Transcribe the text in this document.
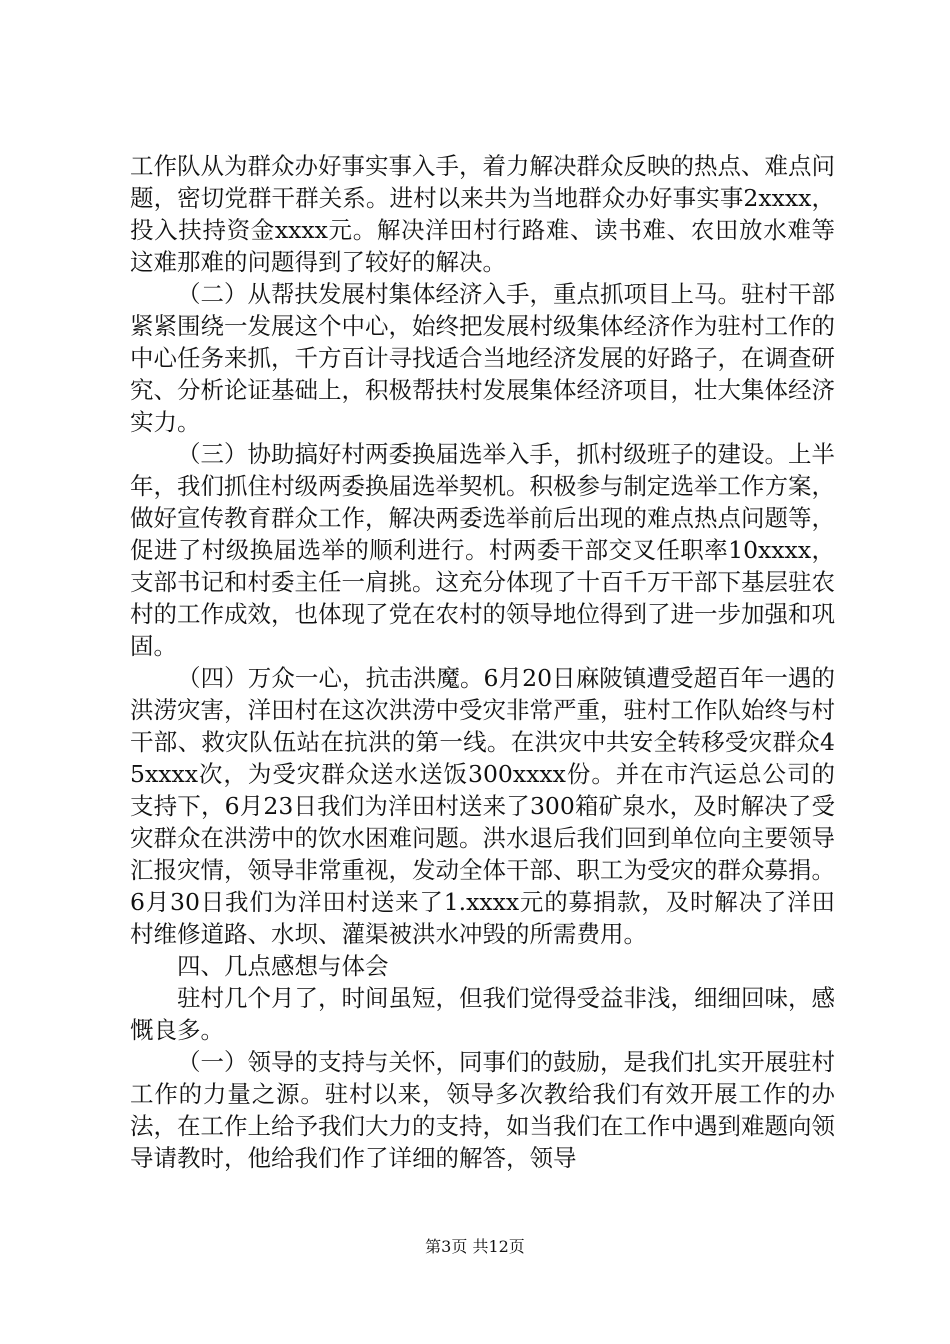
工作队从为群众办好事实事入手，着力解决群众反映的热点、难点问题，密切党群干群关系。进村以来共为当地群众办好事实事2xxxx，投入扶持资金xxxx元。解决洋田村行路难、读书难、农田放水难等这难那难的问题得到了较好的解决。

（二）从帮扶发展村集体经济入手，重点抓项目上马。驻村干部紧紧围绕一发展这个中心，始终把发展村级集体经济作为驻村工作的中心任务来抓，千方百计寻找适合当地经济发展的好路子，在调查研究、分析论证基础上，积极帮扶村发展集体经济项目，壮大集体经济实力。

（三）协助搞好村两委换届选举入手，抓村级班子的建设。上半年，我们抓住村级两委换届选举契机。积极参与制定选举工作方案，做好宣传教育群众工作，解决两委选举前后出现的难点热点问题等，促进了村级换届选举的顺利进行。村两委干部交叉任职率10xxxx，支部书记和村委主任一肩挑。这充分体现了十百千万干部下基层驻农村的工作成效，也体现了党在农村的领导地位得到了进一步加强和巩固。

（四）万众一心，抗击洪魔。6月20日麻陂镇遭受超百年一遇的洪涝灾害，洋田村在这次洪涝中受灾非常严重，驻村工作队始终与村干部、救灾队伍站在抗洪的第一线。在洪灾中共安全转移受灾群众45xxxx次，为受灾群众送水送饭300xxxx份。并在市汽运总公司的支持下，6月23日我们为洋田村送来了300箱矿泉水，及时解决了受灾群众在洪涝中的饮水困难问题。洪水退后我们回到单位向主要领导汇报灾情，领导非常重视，发动全体干部、职工为受灾的群众募捐。6月30日我们为洋田村送来了1.xxxx元的募捐款，及时解决了洋田村维修道路、水坝、灌渠被洪水冲毁的所需费用。

四、几点感想与体会

驻村几个月了，时间虽短，但我们觉得受益非浅，细细回味，感慨良多。

（一）领导的支持与关怀，同事们的鼓励，是我们扎实开展驻村工作的力量之源。驻村以来，领导多次教给我们有效开展工作的办法，在工作上给予我们大力的支持，如当我们在工作中遇到难题向领导请教时，他给我们作了详细的解答，领导

第3页 共12页
